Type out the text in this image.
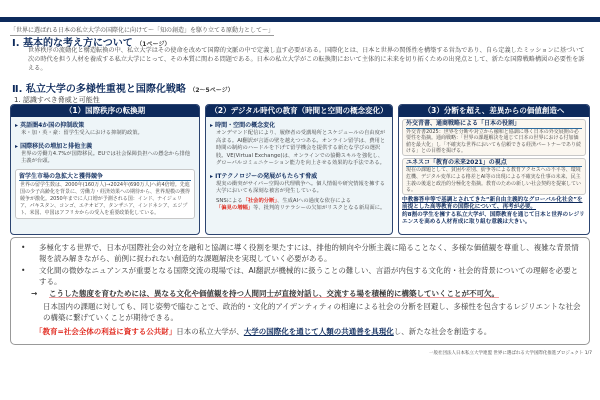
「世界に選ばれる日本の私立大学の国際化に向けて〜「知の創造」を駆り立てる原動力として〜」
Ⅰ. 基本的な考え方について （1ページ）
世界秩序の流動化と構造転換の中、私立大学はその使命を改めて国際的文脈の中で定義し直す必要がある。国際化とは、日本と世界の関係性を構築する営為であり、自ら定義したミッションに基づいて次の時代を担う人材を養成する私立大学にとって、その本質に関わる問題である。日本の私立大学がこの転換期において主体的に未来を切り拓くための出発点として、新たな国際戦略構図の必要性を訴える。
Ⅱ. 私立大学の多様性重視と国際化戦略 （2〜5ページ）
1. 認識すべき脅威と可能性
（1）国際秩序の転換期
▸ 英語圏4か国の抑制政策
米・加・英・豪：留学生受入における抑制的政策。
▸ 国際移民の増加と排他主義
世界の労働力4.7%が国際移民。EUでは社会保障負担への懸念から排他主義が台頭。
留学生市場の急拡大と獲得競争
世界の留学生数は、2000年(160万人)→2024年(690万人)へ約4倍増。先進国の少子高齢化を背景に、労働力・経済効果への期待から、世界規模の獲得競争が激化。2050年までに人口増が予測される国：インド、ナイジェリア、パキスタン、コンゴ、エチオピア、タンザニア、インドネシア、エジプト、米国、中国はアフリカからの受入を重要政策化している。
（2）デジタル時代の教育（時間と空間の概念変化）
▸ 時間・空間の概念変化
オンデマンド配信により、履修者の受講場所とスケジュールの自由度が高まる。AI翻訳が言語の壁を越えつつある。オンライン留学は、費用と時間の制約のハードルを下げて留学機会を提供する新たな学びの選択肢。VE(Virtual Exchange)は、オンラインでの協働スキルを強化し、グローバルコミュニケーション能力を向上させる効果的な手法である。
▸ ITテクノロジーの発展がもたらす脅威
現実の衝突がサイバー空間の代理戦争へ。個人情報や研究情報を擁する大学においても深刻な被害が発生している。
SNSによる「社会的分断」、生成AIへの過度な依存による「偏見の増幅」等、批判的リテラシーの欠如がリスクとなる新局面に。
（3）分断を超え、差異からの価値創造へ
外交青書、通商戦略による「日本の役割」
外交青書2025：世界を分断や対立から融和と協調に導く日本の外交展開の必要性を指摘。通商戦略：「世界の課題解決を通じて日本の世界における付加価値を最大化」し「不確実な世界においても信頼できる経済パートナーであり続ける」との目標を掲げる。
ユネスコ「教育の未来2021」の視点
現在の課題として、貧困や差別、紛争等による教育アクセスへの不平等、環境危機、デジタル変革による格差とAI等の出現による不確実な仕事の未来、民主主義の後退と政治的分極化を指摘。教育のための新しい社会契約を提案している。
中教審答申等で基調とされてきた“新自由主義的なグローバル化社会”を前提とした高等教育の国際化について、再考が必要。
約8割の学生を擁する私立大学が、国際教育を通じて日本と世界のレジリエンスを高める人材育成に取り組む意義は大きい。
• 多極化する世界で、日本が国際社会の対立を融和と協調に導く役割を果たすには、排他的傾向や分断主義に陥ることなく、多様な価値観を尊重し、複雑な背景情報を読み解きながら、前例に捉われない創造的な課題解決を実現していく必要がある。
• 文化間の微妙なニュアンスが重要となる国際交流の現場では、AI翻訳が機械的に扱うことの難しい、言語が内包する文化的・社会的背景についての理解を必要とする。
→ こうした態度を育むためには、異なる文化や価値観を持つ人間同士が直接対話し、交流する場を積極的に構築していくことが不可欠。
日本国内の課題に対しても、同じ姿勢で臨むことで、政治的・文化的アイデンティティの相違による社会の分断を回避し、多様性を包含するレジリエントな社会の構築に繋げていくことが期待できる。
「教育=社会全体の利益に資する公共財」日本の私立大学が、大学の国際化を通じて人類の共通善を具現化し、新たな社会を創造する。
一般社団法人日本私立大学連盟 世界に選ばれる大学国際化推進プロジェクト 1/7
